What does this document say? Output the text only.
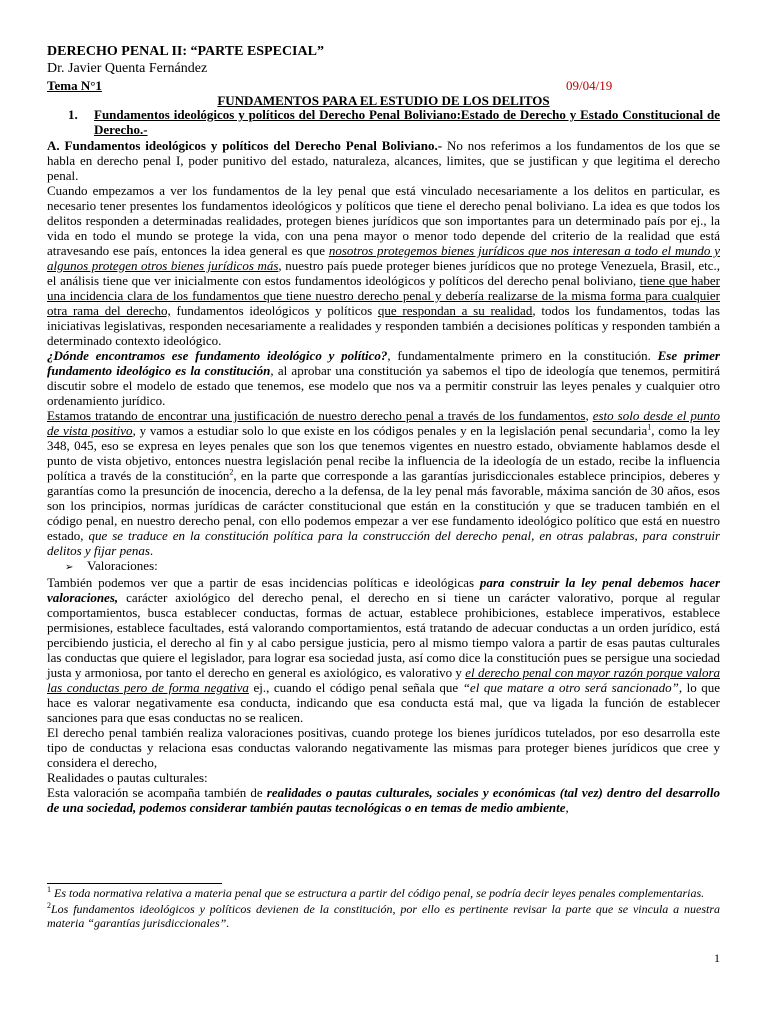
DERECHO PENAL II: “PARTE ESPECIAL”
Dr. Javier Quenta Fernández
Tema N°1	09/04/19
FUNDAMENTOS PARA EL ESTUDIO DE LOS DELITOS
1. Fundamentos ideológicos y políticos del Derecho Penal Boliviano:Estado de Derecho y Estado Constitucional de Derecho.-

A. Fundamentos ideológicos y políticos del Derecho Penal Boliviano.- No nos referimos a los fundamentos de los que se habla en derecho penal I, poder punitivo del estado, naturaleza, alcances, limites, que se justifican y que legitima el derecho penal.

Cuando empezamos a ver los fundamentos de la ley penal que está vinculado necesariamente a los delitos en particular, es necesario tener presentes los fundamentos ideológicos y políticos que tiene el derecho penal boliviano. La idea es que todos los delitos responden a determinadas realidades, protegen bienes jurídicos que son importantes para un determinado país por ej., la vida en todo el mundo se protege la vida, con una pena mayor o menor todo depende del criterio de la realidad que está atravesando ese país, entonces la idea general es que nosotros protegemos bienes jurídicos que nos interesan a todo el mundo y algunos protegen otros bienes jurídicos más, nuestro país puede proteger bienes jurídicos que no protege Venezuela, Brasil, etc., el análisis tiene que ver inicialmente con estos fundamentos ideológicos y políticos del derecho penal boliviano, tiene que haber una incidencia clara de los fundamentos que tiene nuestro derecho penal y debería realizarse de la misma forma para cualquier otra rama del derecho, fundamentos ideológicos y políticos que respondan a su realidad, todos los fundamentos, todas las iniciativas legislativas, responden necesariamente a realidades y responden también a decisiones políticas y responden también a determinado contexto ideológico.

¿Dónde encontramos ese fundamento ideológico y político?, fundamentalmente primero en la constitución. Ese primer fundamento ideológico es la constitución, al aprobar una constitución ya sabemos el tipo de ideología que tenemos, permitirá discutir sobre el modelo de estado que tenemos, ese modelo que nos va a permitir construir las leyes penales y cualquier otro ordenamiento jurídico.

Estamos tratando de encontrar una justificación de nuestro derecho penal a través de los fundamentos, esto solo desde el punto de vista positivo, y vamos a estudiar solo lo que existe en los códigos penales y en la legislación penal secundaria$^1$, como la ley 348, 045, eso se expresa en leyes penales que son los que tenemos vigentes en nuestro estado, obviamente hablamos desde el punto de vista objetivo, entonces nuestra legislación penal recibe la influencia de la ideología de un estado, recibe la influencia política a través de la constitución$^2$, en la parte que corresponde a las garantías jurisdiccionales establece principios, deberes y garantías como la presunción de inocencia, derecho a la defensa, de la ley penal más favorable, máxima sanción de 30 años, esos son los principios, normas jurídicas de carácter constitucional que están en la constitución y que se traducen también en el código penal, en nuestro derecho penal, con ello podemos empezar a ver ese fundamento ideológico político que está en nuestro estado, que se traduce en la constitución política para la construcción del derecho penal, en otras palabras, para construir delitos y fijar penas.

➢ Valoraciones:

También podemos ver que a partir de esas incidencias políticas e ideológicas para construir la ley penal debemos hacer valoraciones, carácter axiológico del derecho penal, el derecho en si tiene un carácter valorativo, porque al regular comportamientos, busca establecer conductas, formas de actuar, establece prohibiciones, establece imperativos, establece permisiones, establece facultades, está valorando comportamientos, está tratando de adecuar conductas a un orden jurídico, está percibiendo justicia, el derecho al fin y al cabo persigue justicia, pero al mismo tiempo valora a partir de esas pautas culturales las conductas que quiere el legislador, para lograr esa sociedad justa, así como dice la constitución pues se persigue una sociedad justa y armoniosa, por tanto el derecho en general es axiológico, es valorativo y el derecho penal con mayor razón porque valora las conductas pero de forma negativa ej., cuando el código penal señala que “el que matare a otro será sancionado”, lo que hace es valorar negativamente esa conducta, indicando que esa conducta está mal, que va ligada la función de establecer sanciones para que esas conductas no se realicen.

El derecho penal también realiza valoraciones positivas, cuando protege los bienes jurídicos tutelados, por eso desarrolla este tipo de conductas y relaciona esas conductas valorando negativamente las mismas para proteger bienes jurídicos que cree y considera el derecho,

Realidades o pautas culturales:

Esta valoración se acompaña también de realidades o pautas culturales, sociales y económicas (tal vez) dentro del desarrollo de una sociedad, podemos considerar también pautas tecnológicas o en temas de medio ambiente,

$^1$ Es toda normativa relativa a materia penal que se estructura a partir del código penal, se podría decir leyes penales complementarias.

$^2$Los fundamentos ideológicos y políticos devienen de la constitución, por ello es pertinente revisar la parte que se vincula a nuestra materia “garantías jurisdiccionales”.

1
